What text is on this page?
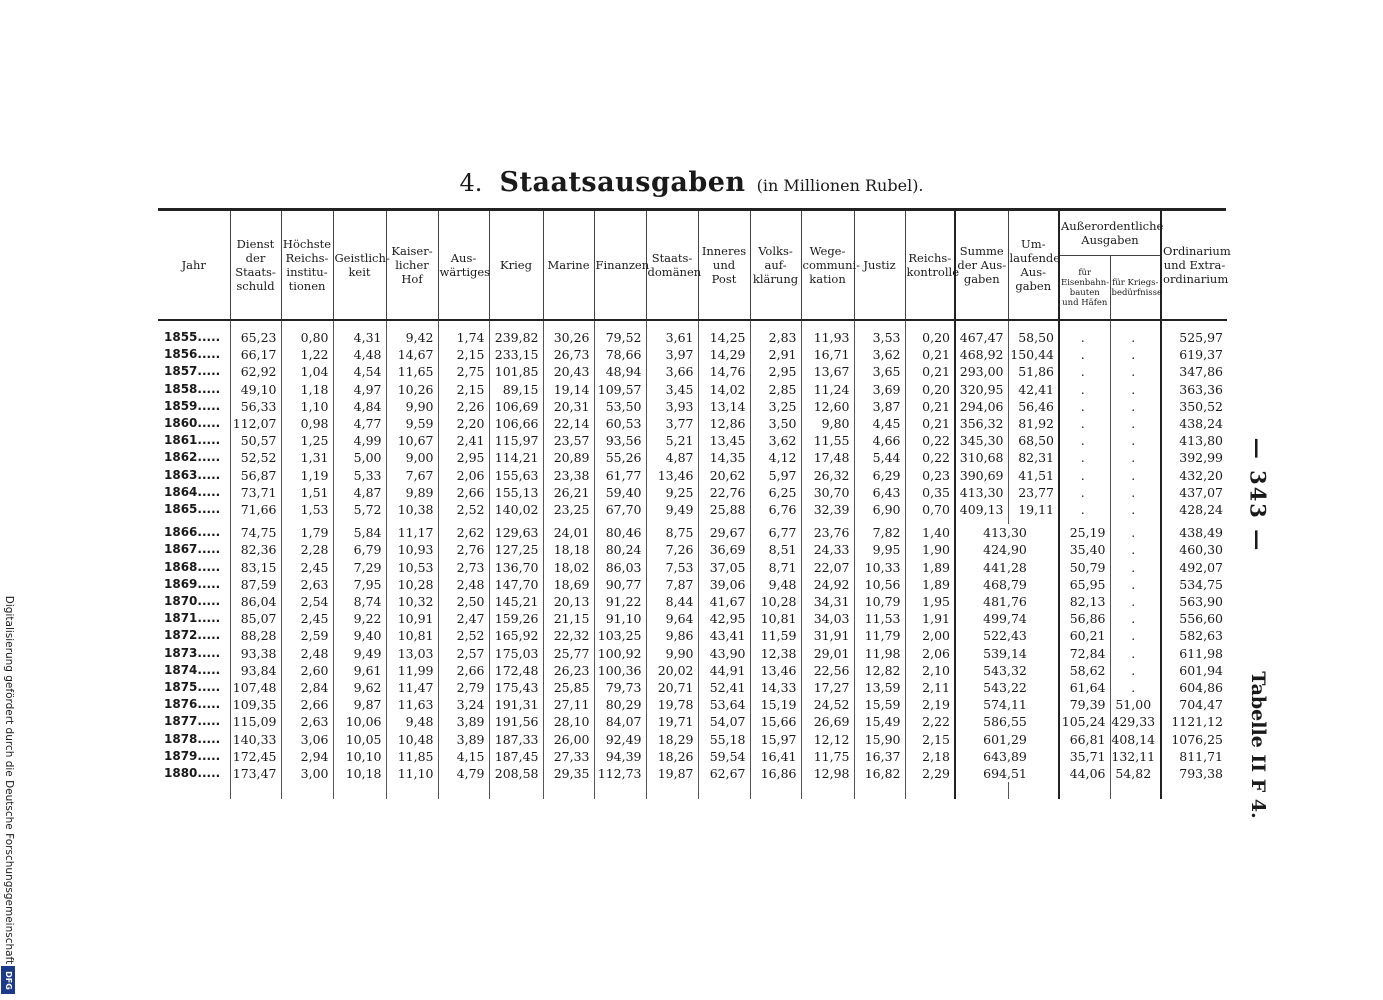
4. Staatsausgaben (in Millionen Rubel).
Jahr	Dienst der Staats-schuld	Höchste Reichs-institu-tionen	Geistlich-keit	Kaiser-licher Hof	Aus-wärtiges	Krieg	Marine	Finanzen	Staats-domänen	Inneres und Post	Volks-auf-klärung	Wege-communi-kation	Justiz	Reichs-kontrolle	Summe der Aus-gaben	Um-laufende Aus-gaben	Außerordentliche Ausgaben		Ordinarium und Extra-ordinarium
																	für Eisenbahn-bauten und Häfen	für Kriegs-bedürfnisse	

1855.....	65,23	0,80	4,31	9,42	1,74	239,82	30,26	79,52	3,61	14,25	2,83	11,93	3,53	0,20	467,47	58,50	.	.	525,97
1856.....	66,17	1,22	4,48	14,67	2,15	233,15	26,73	78,66	3,97	14,29	2,91	16,71	3,62	0,21	468,92	150,44	.	.	619,37
1857.....	62,92	1,04	4,54	11,65	2,75	101,85	20,43	48,94	3,66	14,76	2,95	13,67	3,65	0,21	293,00	51,86	.	.	347,86
1858.....	49,10	1,18	4,97	10,26	2,15	89,15	19,14	109,57	3,45	14,02	2,85	11,24	3,69	0,20	320,95	42,41	.	.	363,36
1859.....	56,33	1,10	4,84	9,90	2,26	106,69	20,31	53,50	3,93	13,14	3,25	12,60	3,87	0,21	294,06	56,46	.	.	350,52
1860.....	112,07	0,98	4,77	9,59	2,20	106,66	22,14	60,53	3,77	12,86	3,50	9,80	4,45	0,21	356,32	81,92	.	.	438,24
1861.....	50,57	1,25	4,99	10,67	2,41	115,97	23,57	93,56	5,21	13,45	3,62	11,55	4,66	0,22	345,30	68,50	.	.	413,80
1862.....	52,52	1,31	5,00	9,00	2,95	114,21	20,89	55,26	4,87	14,35	4,12	17,48	5,44	0,22	310,68	82,31	.	.	392,99
1863.....	56,87	1,19	5,33	7,67	2,06	155,63	23,38	61,77	13,46	20,62	5,97	26,32	6,29	0,23	390,69	41,51	.	.	432,20
1864.....	73,71	1,51	4,87	9,89	2,66	155,13	26,21	59,40	9,25	22,76	6,25	30,70	6,43	0,35	413,30	23,77	.	.	437,07
1865.....	71,66	1,53	5,72	10,38	2,52	140,02	23,25	67,70	9,49	25,88	6,76	32,39	6,90	0,70	409,13	19,11	.	.	428,24

1866.....	74,75	1,79	5,84	11,17	2,62	129,63	24,01	80,46	8,75	29,67	6,77	23,76	7,82	1,40	413,30		25,19	.	438,49
1867.....	82,36	2,28	6,79	10,93	2,76	127,25	18,18	80,24	7,26	36,69	8,51	24,33	9,95	1,90	424,90		35,40	.	460,30
1868.....	83,15	2,45	7,29	10,53	2,73	136,70	18,02	86,03	7,53	37,05	8,71	22,07	10,33	1,89	441,28		50,79	.	492,07
1869.....	87,59	2,63	7,95	10,28	2,48	147,70	18,69	90,77	7,87	39,06	9,48	24,92	10,56	1,89	468,79		65,95	.	534,75
1870.....	86,04	2,54	8,74	10,32	2,50	145,21	20,13	91,22	8,44	41,67	10,28	34,31	10,79	1,95	481,76		82,13	.	563,90
1871.....	85,07	2,45	9,22	10,91	2,47	159,26	21,15	91,10	9,64	42,95	10,81	34,03	11,53	1,91	499,74		56,86	.	556,60
1872.....	88,28	2,59	9,40	10,81	2,52	165,92	22,32	103,25	9,86	43,41	11,59	31,91	11,79	2,00	522,43		60,21	.	582,63
1873.....	93,38	2,48	9,49	13,03	2,57	175,03	25,77	100,92	9,90	43,90	12,38	29,01	11,98	2,06	539,14		72,84	.	611,98
1874.....	93,84	2,60	9,61	11,99	2,66	172,48	26,23	100,36	20,02	44,91	13,46	22,56	12,82	2,10	543,32		58,62	.	601,94
1875.....	107,48	2,84	9,62	11,47	2,79	175,43	25,85	79,73	20,71	52,41	14,33	17,27	13,59	2,11	543,22		61,64	.	604,86
1876.....	109,35	2,66	9,87	11,63	3,24	191,31	27,11	80,29	19,78	53,64	15,19	24,52	15,59	2,19	574,11		79,39	51,00	704,47
1877.....	115,09	2,63	10,06	9,48	3,89	191,56	28,10	84,07	19,71	54,07	15,66	26,69	15,49	2,22	586,55		105,24	429,33	1121,12
1878.....	140,33	3,06	10,05	10,48	3,89	187,33	26,00	92,49	18,29	55,18	15,97	12,12	15,90	2,15	601,29		66,81	408,14	1076,25
1879.....	172,45	2,94	10,10	11,85	4,15	187,45	27,33	94,39	18,26	59,54	16,41	11,75	16,37	2,18	643,89		35,71	132,11	811,71
1880.....	173,47	3,00	10,18	11,10	4,79	208,58	29,35	112,73	19,87	62,67	16,86	12,98	16,82	2,29	694,51		44,06	54,82	793,38

— 343 —
Tabelle II F 4.
Digitalisierung gefördert durch die Deutsche Forschungsgemeinschaft
DFG
